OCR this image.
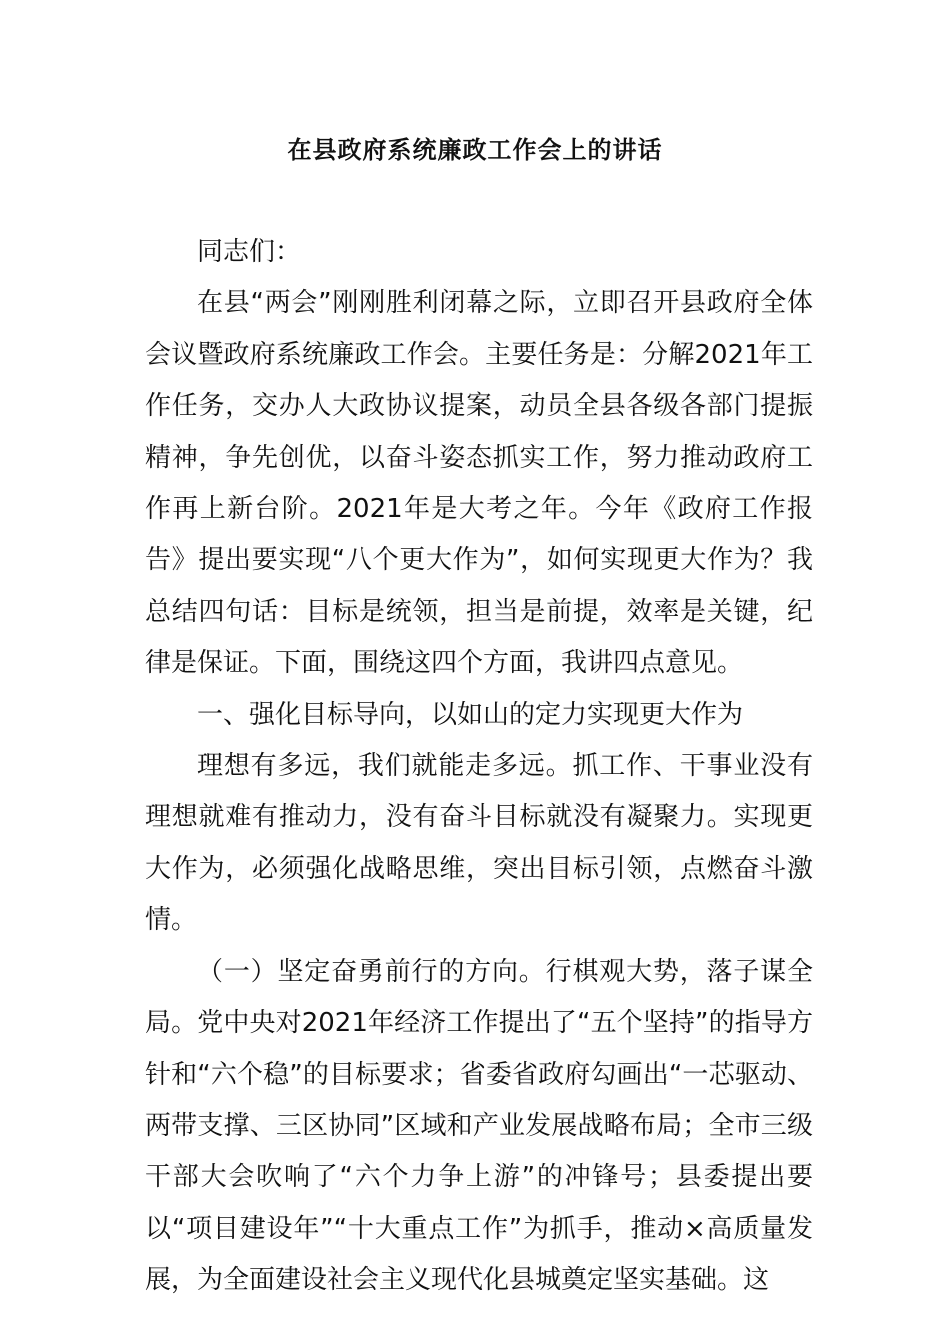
在县政府系统廉政工作会上的讲话

同志们：

在县“两会”刚刚胜利闭幕之际，立即召开县政府全体会议暨政府系统廉政工作会。主要任务是：分解2021年工作任务，交办人大政协议提案，动员全县各级各部门提振精神，争先创优，以奋斗姿态抓实工作，努力推动政府工作再上新台阶。2021年是大考之年。今年《政府工作报告》提出要实现“八个更大作为”，如何实现更大作为？我总结四句话：目标是统领，担当是前提，效率是关键，纪律是保证。下面，围绕这四个方面，我讲四点意见。

一、强化目标导向，以如山的定力实现更大作为

理想有多远，我们就能走多远。抓工作、干事业没有理想就难有推动力，没有奋斗目标就没有凝聚力。实现更大作为，必须强化战略思维，突出目标引领，点燃奋斗激情。

（一）坚定奋勇前行的方向。行棋观大势，落子谋全局。党中央对2021年经济工作提出了“五个坚持”的指导方针和“六个稳”的目标要求；省委省政府勾画出“一芯驱动、两带支撑、三区协同”区域和产业发展战略布局；全市三级干部大会吹响了“六个力争上游”的冲锋号；县委提出要以“项目建设年”“十大重点工作”为抓手，推动×高质量发展，为全面建设社会主义现代化县城奠定坚实基础。这
